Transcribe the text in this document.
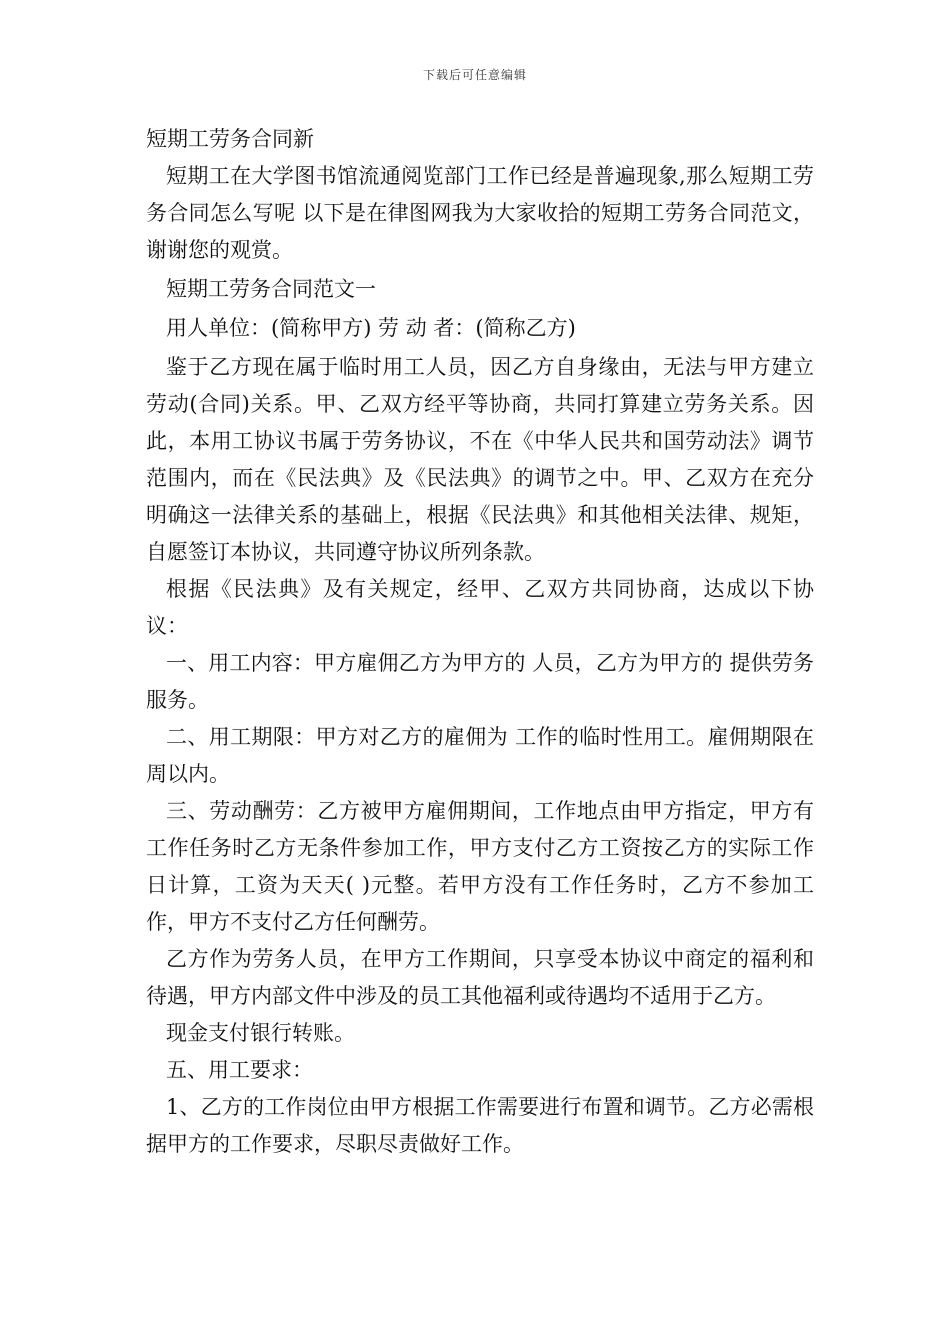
下载后可任意编辑
短期工劳务合同新

短期工在大学图书馆流通阅览部门工作已经是普遍现象,那么短期工劳务合同怎么写呢 以下是在律图网我为大家收拾的短期工劳务合同范文，谢谢您的观赏。

短期工劳务合同范文一

用人单位：(简称甲方) 劳 动 者：(简称乙方)

鉴于乙方现在属于临时用工人员，因乙方自身缘由，无法与甲方建立劳动(合同)关系。甲、乙双方经平等协商，共同打算建立劳务关系。因此，本用工协议书属于劳务协议，不在《中华人民共和国劳动法》调节范围内，而在《民法典》及《民法典》的调节之中。甲、乙双方在充分明确这一法律关系的基础上，根据《民法典》和其他相关法律、规矩，自愿签订本协议，共同遵守协议所列条款。

根据《民法典》及有关规定，经甲、乙双方共同协商，达成以下协议：

一、用工内容：甲方雇佣乙方为甲方的 人员，乙方为甲方的 提供劳务服务。

二、用工期限：甲方对乙方的雇佣为 工作的临时性用工。雇佣期限在 周以内。

三、劳动酬劳：乙方被甲方雇佣期间，工作地点由甲方指定，甲方有工作任务时乙方无条件参加工作，甲方支付乙方工资按乙方的实际工作日计算，工资为天天( )元整。若甲方没有工作任务时，乙方不参加工作，甲方不支付乙方任何酬劳。

乙方作为劳务人员，在甲方工作期间，只享受本协议中商定的福利和待遇，甲方内部文件中涉及的员工其他福利或待遇均不适用于乙方。

现金支付银行转账。

五、用工要求：

1、乙方的工作岗位由甲方根据工作需要进行布置和调节。乙方必需根据甲方的工作要求，尽职尽责做好工作。
